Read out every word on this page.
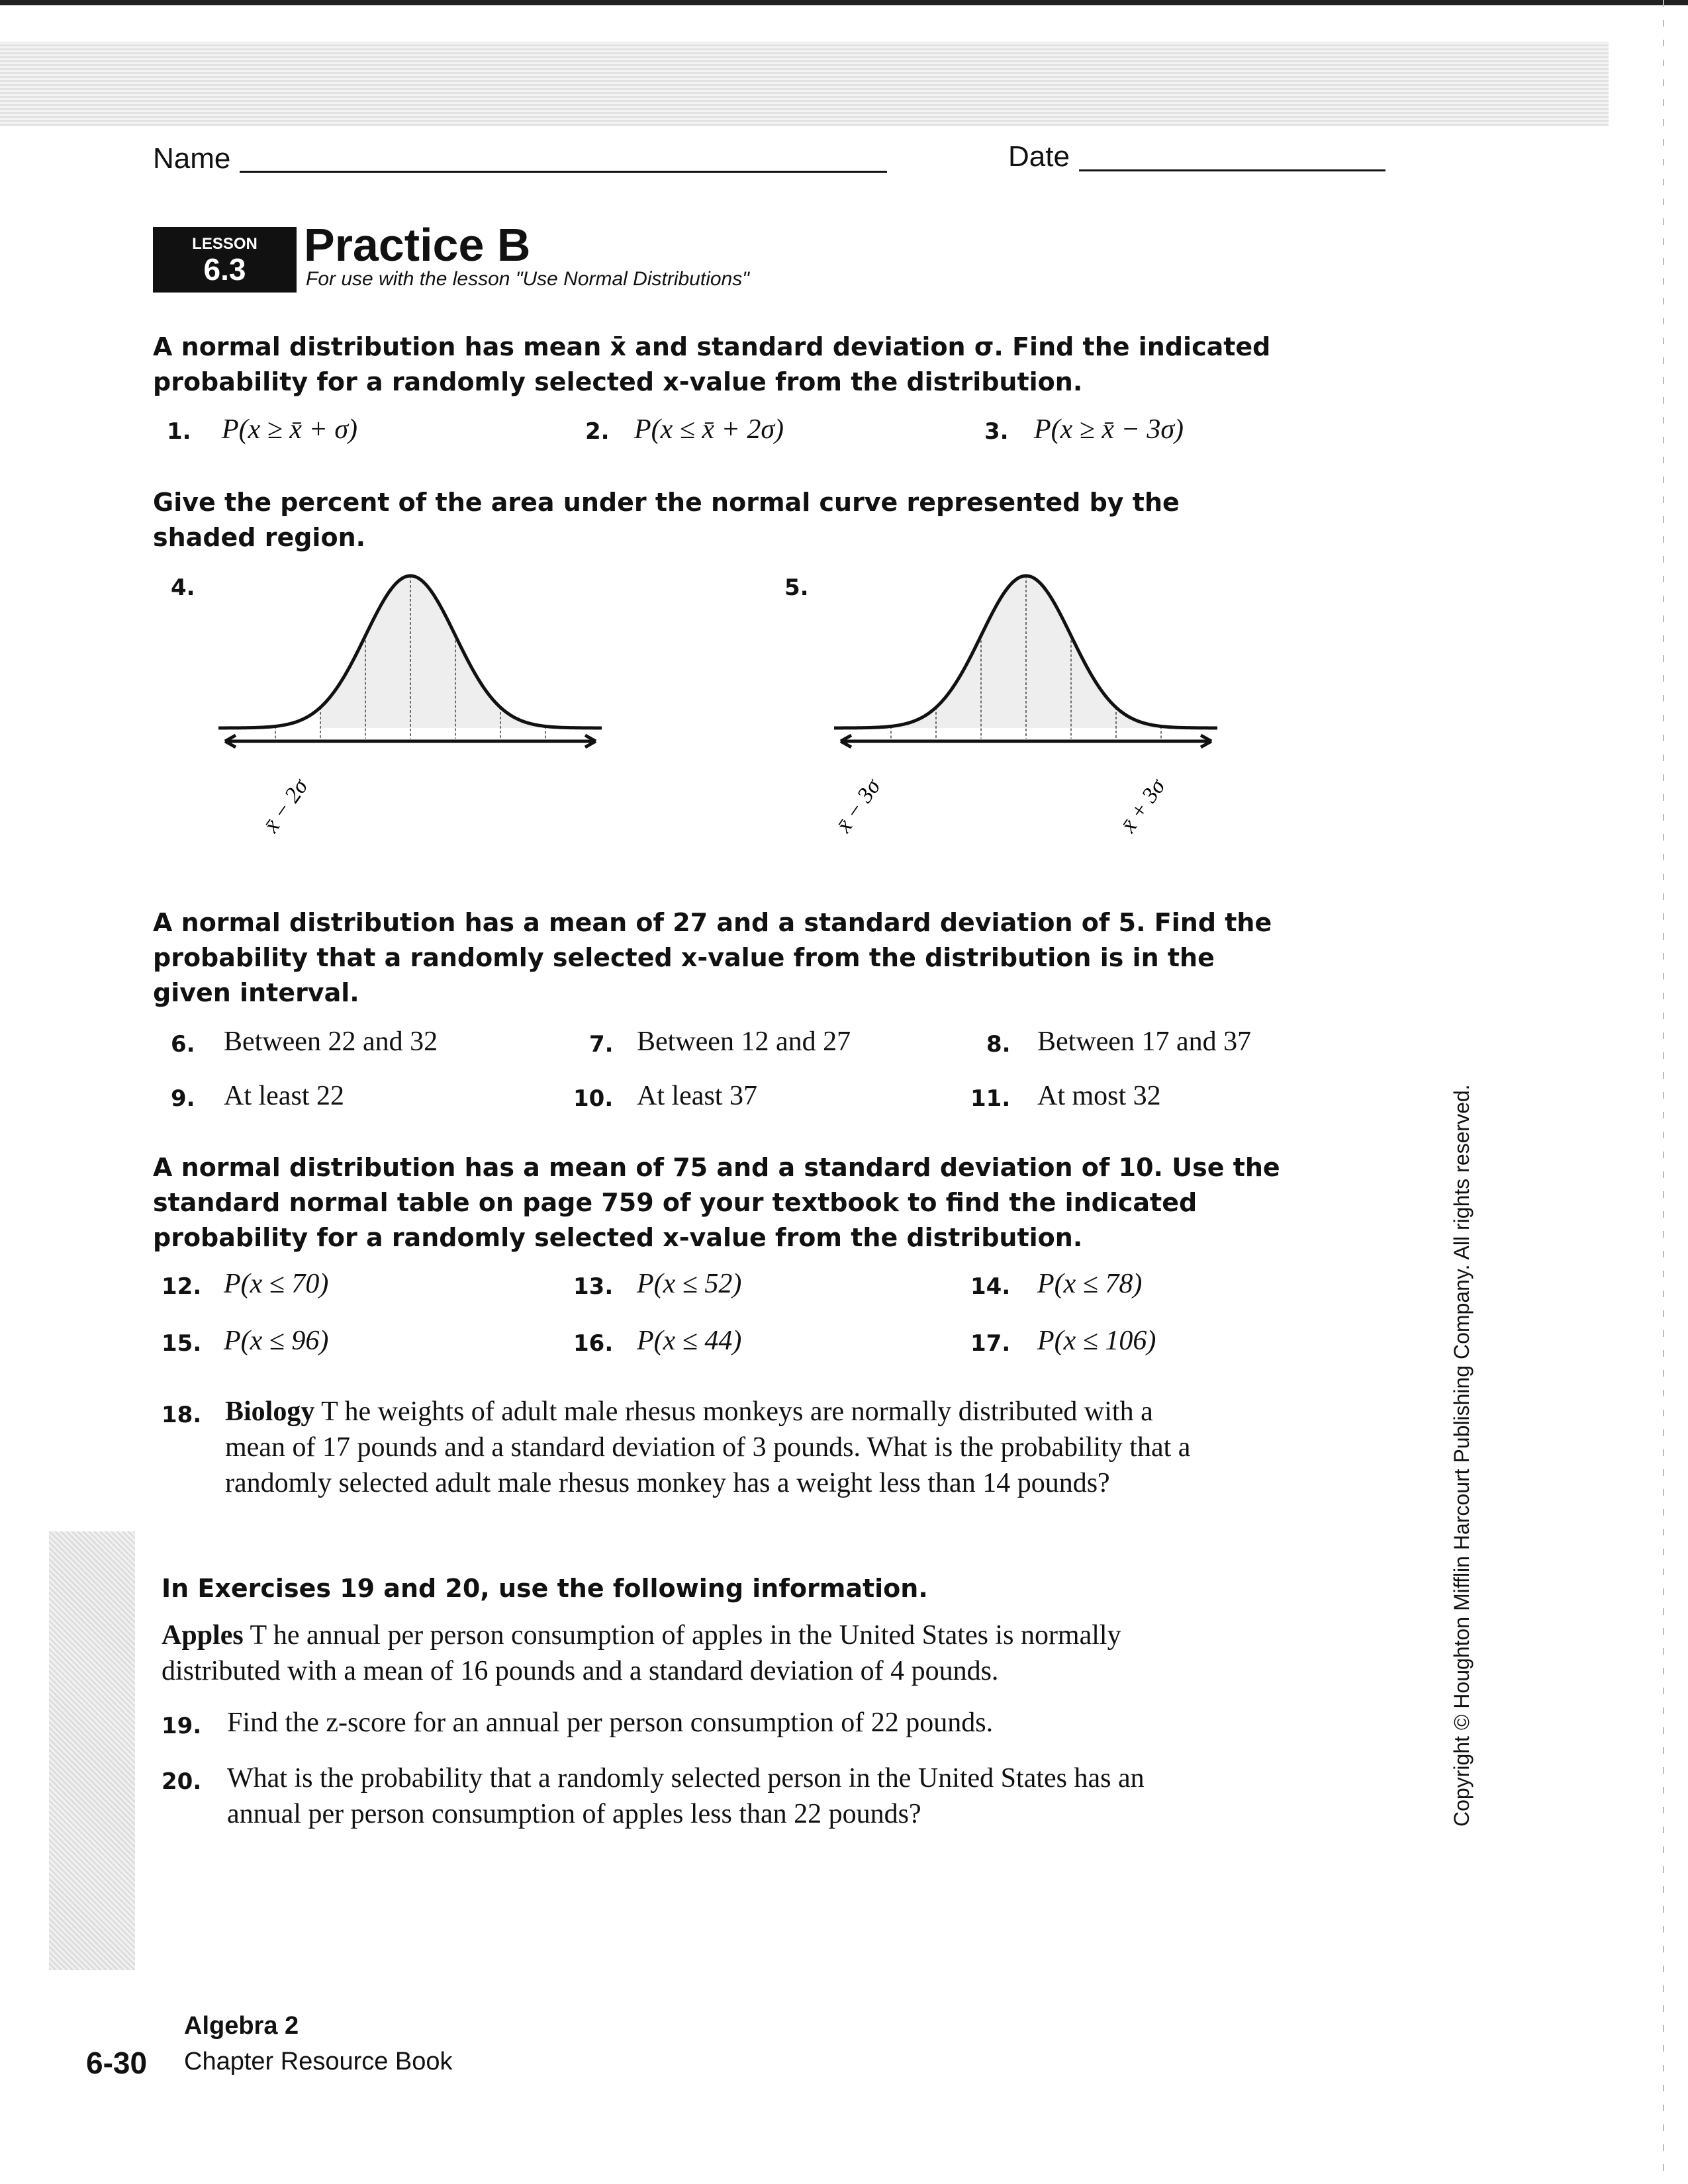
Name	Date
LESSON
6.3	Practice B
For use with the lesson "Use Normal Distributions"
A normal distribution has mean x̄ and standard deviation σ. Find the indicated probability for a randomly selected x-value from the distribution.
1. P(x ≥ x̄ + σ)	2. P(x ≤ x̄ + 2σ)	3. P(x ≥ x̄ − 3σ)
Give the percent of the area under the normal curve represented by the shaded region.
4.	5.
x̄ − 2σ	x̄ − 3σ	x̄ + 3σ
A normal distribution has a mean of 27 and a standard deviation of 5. Find the probability that a randomly selected x-value from the distribution is in the given interval.
6. Between 22 and 32	7. Between 12 and 27	8. Between 17 and 37
9. At least 22	10. At least 37	11. At most 32
A normal distribution has a mean of 75 and a standard deviation of 10. Use the standard normal table on page 759 of your textbook to find the indicated probability for a randomly selected x-value from the distribution.
12. P(x ≤ 70)	13. P(x ≤ 52)	14. P(x ≤ 78)
15. P(x ≤ 96)	16. P(x ≤ 44)	17. P(x ≤ 106)
18. Biology T he weights of adult male rhesus monkeys are normally distributed with a mean of 17 pounds and a standard deviation of 3 pounds. What is the probability that a randomly selected adult male rhesus monkey has a weight less than 14 pounds?
In Exercises 19 and 20, use the following information.
Apples T he annual per person consumption of apples in the United States is normally distributed with a mean of 16 pounds and a standard deviation of 4 pounds.
19. Find the z-score for an annual per person consumption of 22 pounds.
20. What is the probability that a randomly selected person in the United States has an annual per person consumption of apples less than 22 pounds?	Copyright © Houghton Mifflin Harcourt Publishing Company. All rights reserved.
Algebra 2
6-30 Chapter Resource Book
